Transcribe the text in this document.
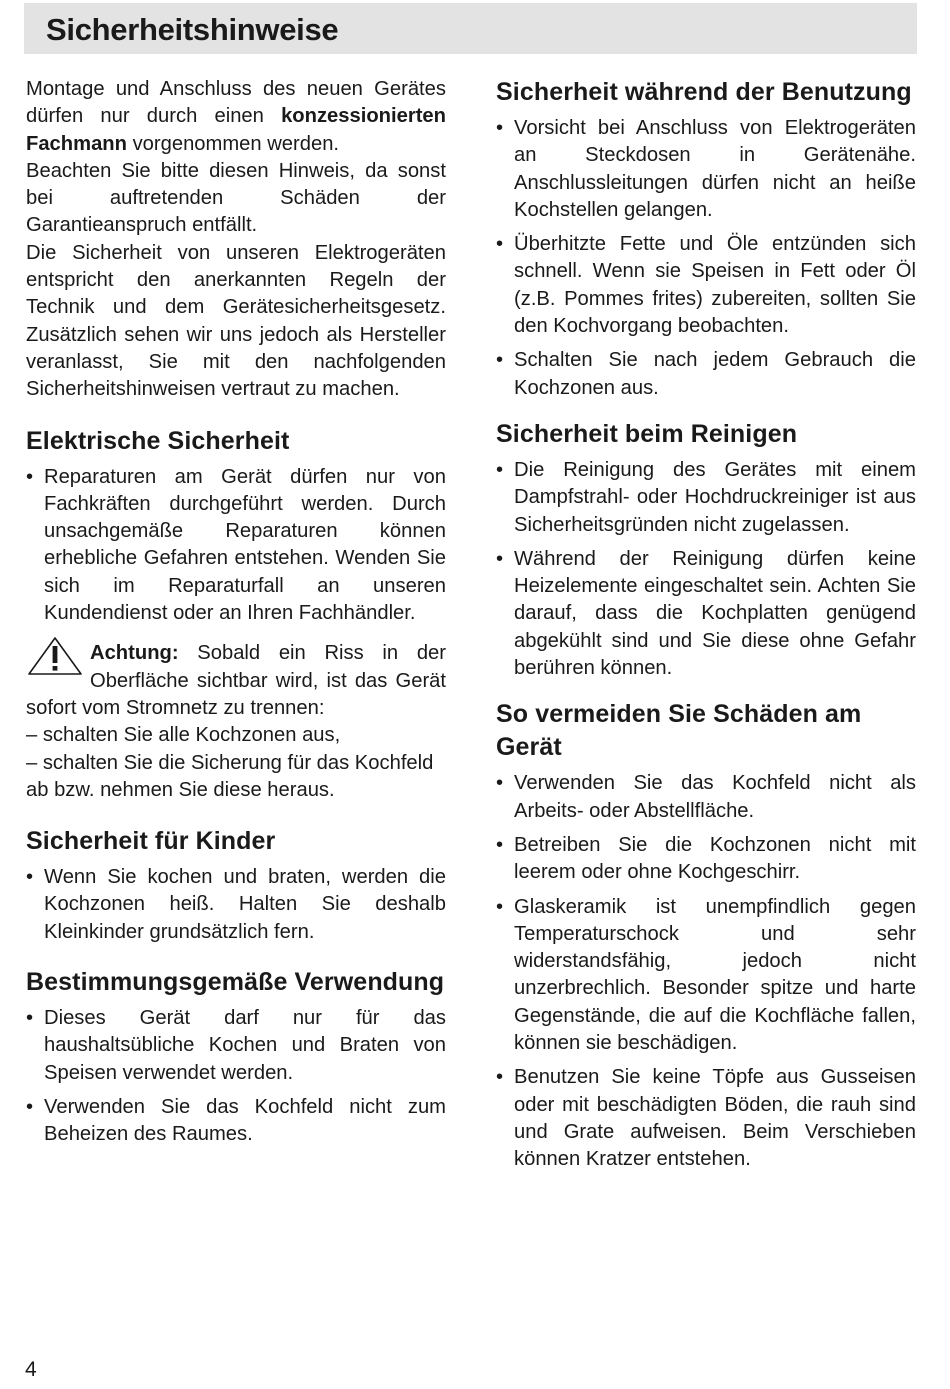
Sicherheitshinweise

Montage und Anschluss des neuen Gerätes dürfen nur durch einen konzessionierten Fachmann vorgenommen werden.

Beachten Sie bitte diesen Hinweis, da sonst bei auftretenden Schäden der Garantieanspruch entfällt.

Die Sicherheit von unseren Elektrogeräten entspricht den anerkannten Regeln der Technik und dem Gerätesicherheitsgesetz. Zusätzlich sehen wir uns jedoch als Hersteller veranlasst, Sie mit den nachfolgenden Sicherheitshinweisen vertraut zu machen.

Elektrische Sicherheit
• Reparaturen am Gerät dürfen nur von Fachkräften durchgeführt werden. Durch unsachgemäße Reparaturen können erhebliche Gefahren entstehen. Wenden Sie sich im Reparaturfall an unseren Kundendienst oder an Ihren Fachhändler.

Achtung: Sobald ein Riss in der Oberfläche sichtbar wird, ist das Gerät sofort vom Stromnetz zu trennen:

– schalten Sie alle Kochzonen aus,

– schalten Sie die Sicherung für das Kochfeld ab bzw. nehmen Sie diese heraus.

Sicherheit für Kinder
• Wenn Sie kochen und braten, werden die Kochzonen heiß. Halten Sie deshalb Kleinkinder grundsätzlich fern.
Bestimmungsgemäße Verwendung
• Dieses Gerät darf nur für das haushaltsübliche Kochen und Braten von Speisen verwendet werden.
• Verwenden Sie das Kochfeld nicht zum Beheizen des Raumes.
Sicherheit während der Benutzung
• Vorsicht bei Anschluss von Elektrogeräten an Steckdosen in Gerätenähe. Anschlussleitungen dürfen nicht an heiße Kochstellen gelangen.
• Überhitzte Fette und Öle entzünden sich schnell. Wenn sie Speisen in Fett oder Öl (z.B. Pommes frites) zubereiten, sollten Sie den Kochvorgang beobachten.
• Schalten Sie nach jedem Gebrauch die Kochzonen aus.
Sicherheit beim Reinigen
• Die Reinigung des Gerätes mit einem Dampfstrahl- oder Hochdruckreiniger ist aus Sicherheitsgründen nicht zugelassen.
• Während der Reinigung dürfen keine Heizelemente eingeschaltet sein. Achten Sie darauf, dass die Kochplatten genügend abgekühlt sind und Sie diese ohne Gefahr berühren können.
So vermeiden Sie Schäden am Gerät
• Verwenden Sie das Kochfeld nicht als Arbeits- oder Abstellfläche.
• Betreiben Sie die Kochzonen nicht mit leerem oder ohne Kochgeschirr.
• Glaskeramik ist unempfindlich gegen Temperaturschock und sehr widerstandsfähig, jedoch nicht unzerbrechlich. Besonder spitze und harte Gegenstände, die auf die Kochfläche fallen, können sie beschädigen.
• Benutzen Sie keine Töpfe aus Gusseisen oder mit beschädigten Böden, die rauh sind und Grate aufweisen. Beim Verschieben können Kratzer entstehen.
4
